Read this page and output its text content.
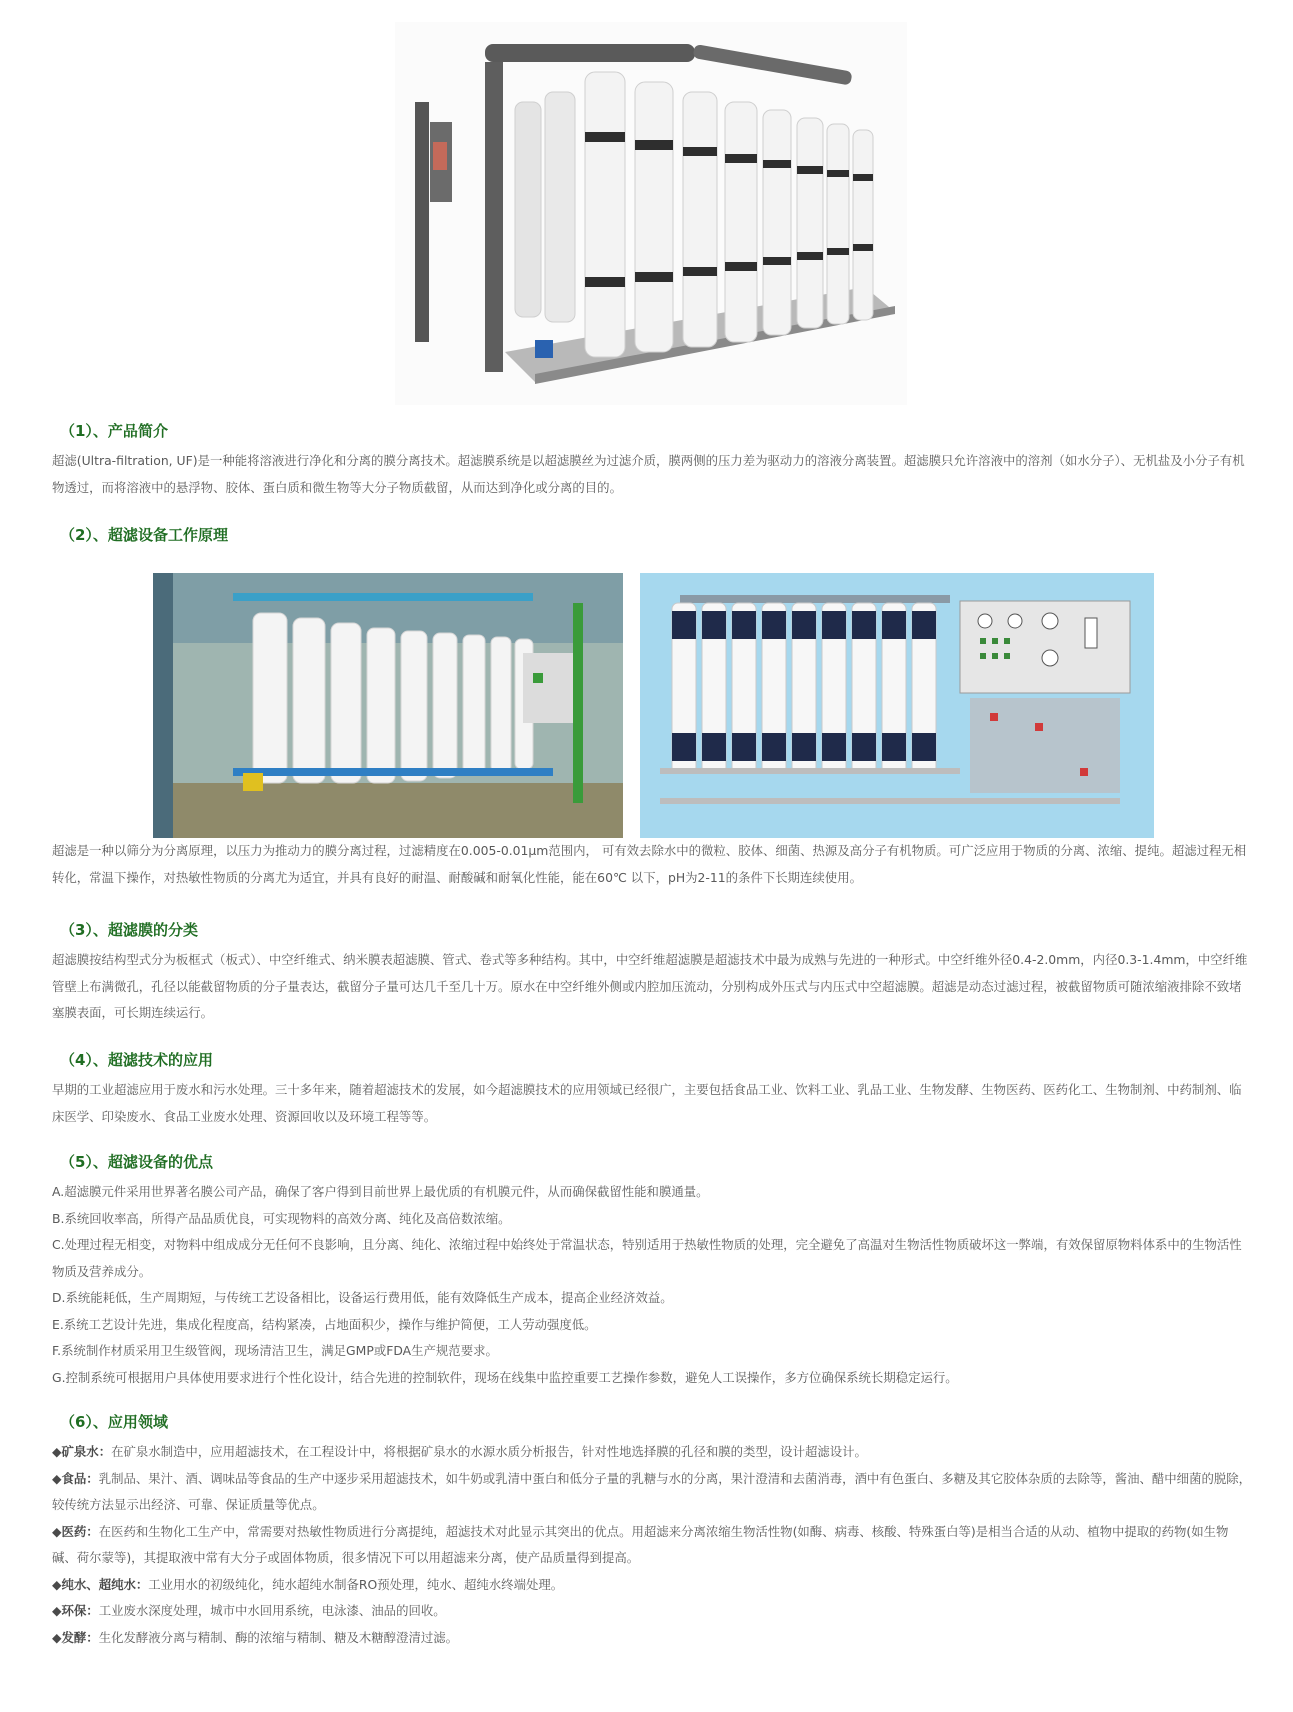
（1）、产品简介

超滤(Ultra-filtration, UF)是一种能将溶液进行净化和分离的膜分离技术。超滤膜系统是以超滤膜丝为过滤介质，膜两侧的压力差为驱动力的溶液分离装置。超滤膜只允许溶液中的溶剂（如水分子）、无机盐及小分子有机物透过，而将溶液中的悬浮物、胶体、蛋白质和微生物等大分子物质截留，从而达到净化或分离的目的。

（2）、超滤设备工作原理

超滤是一种以筛分为分离原理，以压力为推动力的膜分离过程，过滤精度在0.005-0.01μm范围内， 可有效去除水中的微粒、胶体、细菌、热源及高分子有机物质。可广泛应用于物质的分离、浓缩、提纯。超滤过程无相转化，常温下操作，对热敏性物质的分离尤为适宜，并具有良好的耐温、耐酸碱和耐氧化性能，能在60℃ 以下，pH为2-11的条件下长期连续使用。

（3）、超滤膜的分类

超滤膜按结构型式分为板框式（板式）、中空纤维式、纳米膜表超滤膜、管式、卷式等多种结构。其中，中空纤维超滤膜是超滤技术中最为成熟与先进的一种形式。中空纤维外径0.4-2.0mm，内径0.3-1.4mm，中空纤维管壁上布满微孔，孔径以能截留物质的分子量表达，截留分子量可达几千至几十万。原水在中空纤维外侧或内腔加压流动，分别构成外压式与内压式中空超滤膜。超滤是动态过滤过程，被截留物质可随浓缩液排除不致堵塞膜表面，可长期连续运行。

（4）、超滤技术的应用

早期的工业超滤应用于废水和污水处理。三十多年来，随着超滤技术的发展，如今超滤膜技术的应用领域已经很广，主要包括食品工业、饮料工业、乳品工业、生物发酵、生物医药、医药化工、生物制剂、中药制剂、临床医学、印染废水、食品工业废水处理、资源回收以及环境工程等等。

（5）、超滤设备的优点

A.超滤膜元件采用世界著名膜公司产品，确保了客户得到目前世界上最优质的有机膜元件，从而确保截留性能和膜通量。

B.系统回收率高，所得产品品质优良，可实现物料的高效分离、纯化及高倍数浓缩。

C.处理过程无相变，对物料中组成成分无任何不良影响，且分离、纯化、浓缩过程中始终处于常温状态，特别适用于热敏性物质的处理，完全避免了高温对生物活性物质破坏这一弊端，有效保留原物料体系中的生物活性物质及营养成分。

D.系统能耗低，生产周期短，与传统工艺设备相比，设备运行费用低，能有效降低生产成本，提高企业经济效益。

E.系统工艺设计先进，集成化程度高，结构紧凑，占地面积少，操作与维护简便，工人劳动强度低。

F.系统制作材质采用卫生级管阀，现场清洁卫生，满足GMP或FDA生产规范要求。

G.控制系统可根据用户具体使用要求进行个性化设计，结合先进的控制软件，现场在线集中监控重要工艺操作参数，避免人工误操作，多方位确保系统长期稳定运行。

（6）、应用领域

◆矿泉水：在矿泉水制造中，应用超滤技术，在工程设计中，将根据矿泉水的水源水质分析报告，针对性地选择膜的孔径和膜的类型，设计超滤设计。

◆食品：乳制品、果汁、酒、调味品等食品的生产中逐步采用超滤技术，如牛奶或乳清中蛋白和低分子量的乳糖与水的分离，果汁澄清和去菌消毒，酒中有色蛋白、多糖及其它胶体杂质的去除等，酱油、醋中细菌的脱除，较传统方法显示出经济、可靠、保证质量等优点。

◆医药：在医药和生物化工生产中，常需要对热敏性物质进行分离提纯，超滤技术对此显示其突出的优点。用超滤来分离浓缩生物活性物(如酶、病毒、核酸、特殊蛋白等)是相当合适的从动、植物中提取的药物(如生物碱、荷尔蒙等)，其提取液中常有大分子或固体物质，很多情况下可以用超滤来分离，使产品质量得到提高。

◆纯水、超纯水：工业用水的初级纯化，纯水超纯水制备RO预处理，纯水、超纯水终端处理。

◆环保：工业废水深度处理，城市中水回用系统，电泳漆、油品的回收。

◆发酵：生化发酵液分离与精制、酶的浓缩与精制、糖及木糖醇澄清过滤。
